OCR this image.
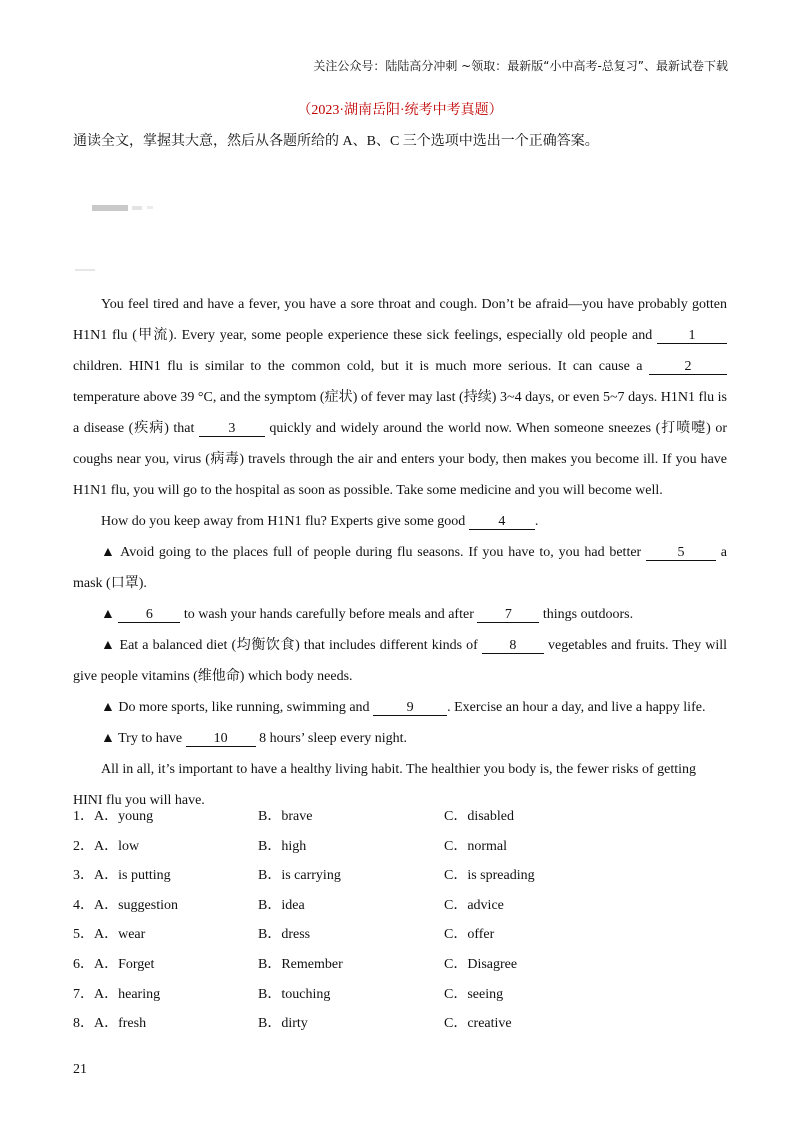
关注公众号：陆陆高分冲刺 ~领取：最新版“小中高考-总复习”、最新试卷下载
（2023·湖南岳阳·统考中考真题）
通读全文，掌握其大意，然后从各题所给的 A、B、C 三个选项中选出一个正确答案。

You feel tired and have a fever, you have a sore throat and cough. Don’t be afraid—you have probably gotten H1N1 flu (甲流). Every year, some people experience these sick feelings, especially old people and 1 children. HIN1 flu is similar to the common cold, but it is much more serious. It can cause a	2 temperature above 39 °C, and the symptom (症状) of fever may last (持续) 3~4 days, or even 5~7 days. H1N1 flu is a disease (疾病) that 3 quickly and widely around the world now. When someone sneezes (打喷嚏) or coughs near you, virus (病毒) travels through the air and enters your body, then makes you become ill. If you have H1N1 flu, you will go to the hospital as soon as possible. Take some medicine and you will become well.

How do you keep away from H1N1 flu? Experts give some good 4 .

▲ Avoid going to the places full of people during flu seasons. If you have to, you had better 5 a mask (口罩).

▲ 6 to wash your hands carefully before meals and after 7 things outdoors.

▲ Eat a balanced diet (均衡饮食) that includes different kinds of 8 vegetables and fruits. They will give people vitamins (维他命) which body needs.

▲ Do more sports, like running, swimming and 9 . Exercise an hour a day, and live a happy life.

▲ Try to have 10 8 hours’ sleep every night.

All in all, it’s important to have a healthy living habit. The healthier you body is, the fewer risks of getting HINI flu you will have.

1．A．young	B．brave	C．disabled
2．A．low	B．high	C．normal
3．A．is putting	B．is carrying	C．is spreading
4．A．suggestion	B．idea	C．advice
5．A．wear	B．dress	C．offer
6．A．Forget	B．Remember	C．Disagree
7．A．hearing	B．touching	C．seeing
8．A．fresh	B．dirty	C．creative
21
